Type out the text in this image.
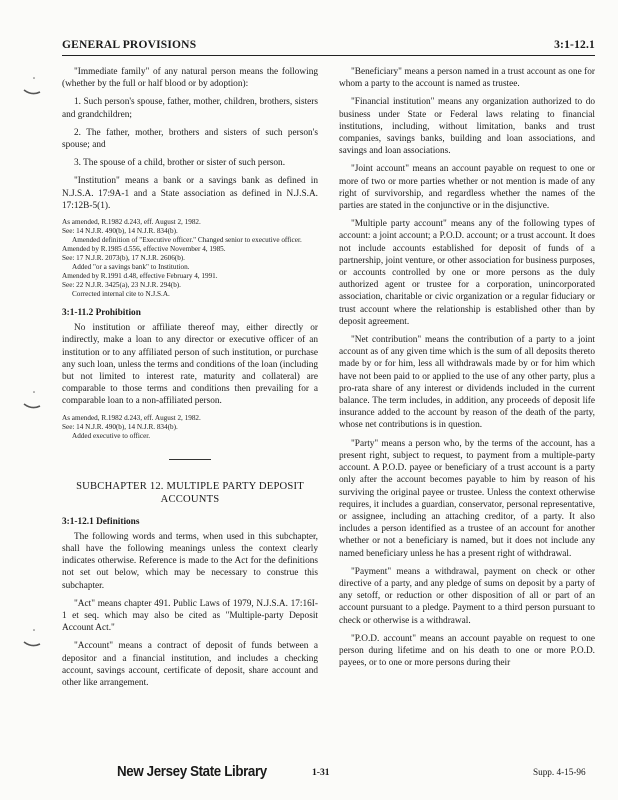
GENERAL PROVISIONS	3:1-12.1

"Immediate family" of any natural person means the following (whether by the full or half blood or by adoption):

1. Such person's spouse, father, mother, children, brothers, sisters and grandchildren;

2. The father, mother, brothers and sisters of such person's spouse; and

3. The spouse of a child, brother or sister of such person.

"Institution" means a bank or a savings bank as defined in N.J.S.A. 17:9A-1 and a State association as defined in N.J.S.A. 17:12B-5(1).

As amended, R.1982 d.243, eff. August 2, 1982.
See: 14 N.J.R. 490(b), 14 N.J.R. 834(b).
Amended definition of "Executive officer." Changed senior to executive officer.
Amended by R.1985 d.556, effective November 4, 1985.
See: 17 N.J.R. 2073(b), 17 N.J.R. 2606(b).
Added "or a savings bank" to Institution.
Amended by R.1991 d.48, effective February 4, 1991.
See: 22 N.J.R. 3425(a), 23 N.J.R. 294(b).
Corrected internal cite to N.J.S.A.
3:1-11.2 Prohibition

No institution or affiliate thereof may, either directly or indirectly, make a loan to any director or executive officer of an institution or to any affiliated person of such institution, or purchase any such loan, unless the terms and conditions of the loan (including but not limited to interest rate, maturity and collateral) are comparable to those terms and conditions then prevailing for a comparable loan to a non-affiliated person.

As amended, R.1982 d.243, eff. August 2, 1982.
See: 14 N.J.R. 490(b), 14 N.J.R. 834(b).
Added executive to officer.
SUBCHAPTER 12. MULTIPLE PARTY DEPOSIT ACCOUNTS
3:1-12.1 Definitions

The following words and terms, when used in this subchapter, shall have the following meanings unless the context clearly indicates otherwise. Reference is made to the Act for the definitions not set out below, which may be necessary to construe this subchapter.

"Act" means chapter 491. Public Laws of 1979, N.J.S.A. 17:16I-1 et seq. which may also be cited as "Multiple-party Deposit Account Act."

"Account" means a contract of deposit of funds between a depositor and a financial institution, and includes a checking account, savings account, certificate of deposit, share account and other like arrangement.

"Beneficiary" means a person named in a trust account as one for whom a party to the account is named as trustee.

"Financial institution" means any organization authorized to do business under State or Federal laws relating to financial institutions, including, without limitation, banks and trust companies, savings banks, building and loan associations, and savings and loan associations.

"Joint account" means an account payable on request to one or more of two or more parties whether or not mention is made of any right of survivorship, and regardless whether the names of the parties are stated in the conjunctive or in the disjunctive.

"Multiple party account" means any of the following types of account: a joint account; a P.O.D. account; or a trust account. It does not include accounts established for deposit of funds of a partnership, joint venture, or other association for business purposes, or accounts controlled by one or more persons as the duly authorized agent or trustee for a corporation, unincorporated association, charitable or civic organization or a regular fiduciary or trust account where the relationship is established other than by deposit agreement.

"Net contribution" means the contribution of a party to a joint account as of any given time which is the sum of all deposits thereto made by or for him, less all withdrawals made by or for him which have not been paid to or applied to the use of any other party, plus a pro-rata share of any interest or dividends included in the current balance. The term includes, in addition, any proceeds of deposit life insurance added to the account by reason of the death of the party, whose net contributions is in question.

"Party" means a person who, by the terms of the account, has a present right, subject to request, to payment from a multiple-party account. A P.O.D. payee or beneficiary of a trust account is a party only after the account becomes payable to him by reason of his surviving the original payee or trustee. Unless the context otherwise requires, it includes a guardian, conservator, personal representative, or assignee, including an attaching creditor, of a party. It also includes a person identified as a trustee of an account for another whether or not a beneficiary is named, but it does not include any named beneficiary unless he has a present right of withdrawal.

"Payment" means a withdrawal, payment on check or other directive of a party, and any pledge of sums on deposit by a party of any setoff, or reduction or other disposition of all or part of an account pursuant to a pledge. Payment to a third person pursuant to check or otherwise is a withdrawal.

"P.O.D. account" means an account payable on request to one person during lifetime and on his death to one or more P.O.D. payees, or to one or more persons during their

New Jersey State Library	1-31	Supp. 4-15-96
